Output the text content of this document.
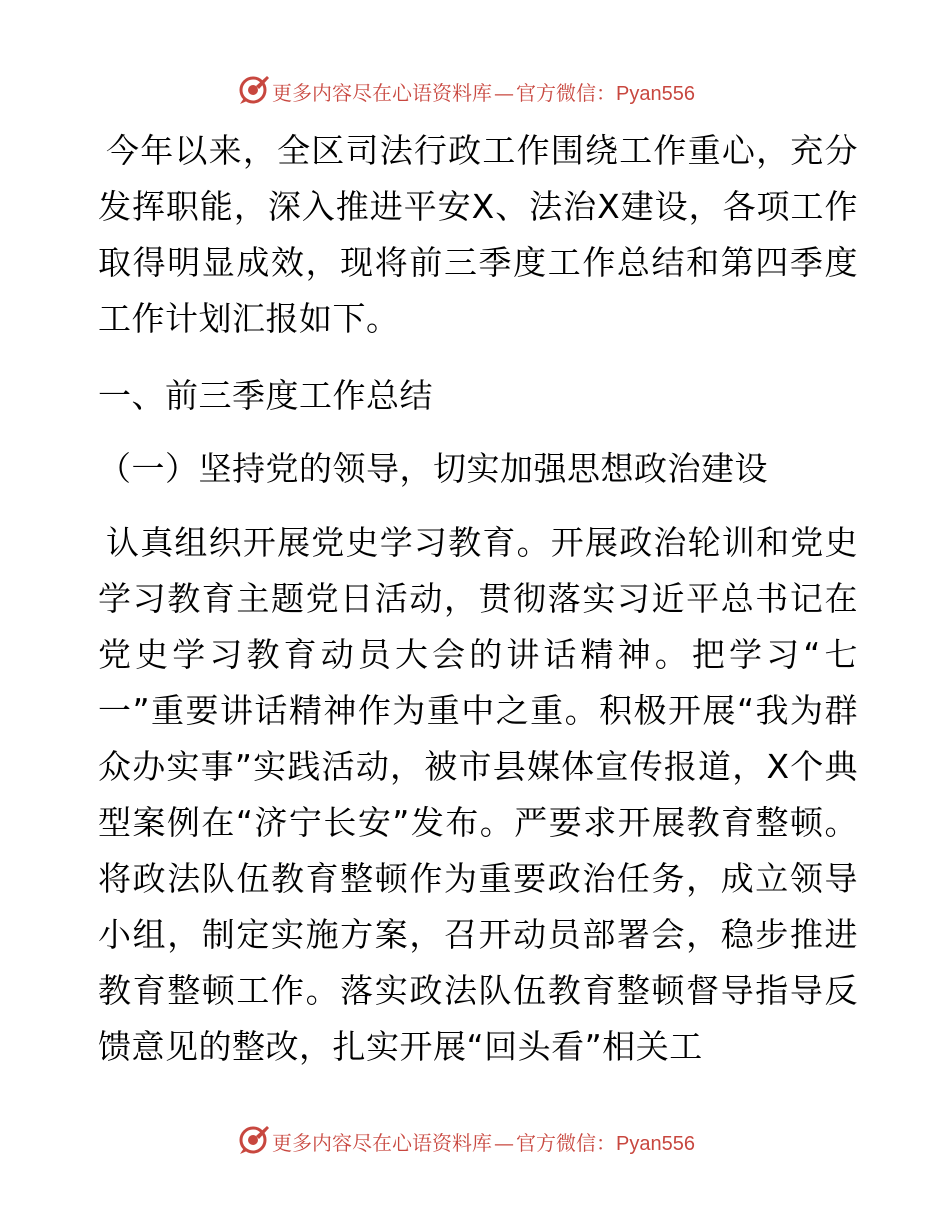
更多内容尽在心语资料库 — 官方微信：Pyan556

今年以来，全区司法行政工作围绕工作重心，充分发挥职能，深入推进平安X、法治X建设，各项工作取得明显成效，现将前三季度工作总结和第四季度工作计划汇报如下。

一、前三季度工作总结

（一）坚持党的领导，切实加强思想政治建设

认真组织开展党史学习教育。开展政治轮训和党史学习教育主题党日活动，贯彻落实习近平总书记在党史学习教育动员大会的讲话精神。把学习“七一”重要讲话精神作为重中之重。积极开展“我为群众办实事”实践活动，被市县媒体宣传报道，X个典型案例在“济宁长安”发布。严要求开展教育整顿。将政法队伍教育整顿作为重要政治任务，成立领导小组，制定实施方案，召开动员部署会，稳步推进教育整顿工作。落实政法队伍教育整顿督导指导反馈意见的整改，扎实开展“回头看”相关工

更多内容尽在心语资料库 — 官方微信：Pyan556
